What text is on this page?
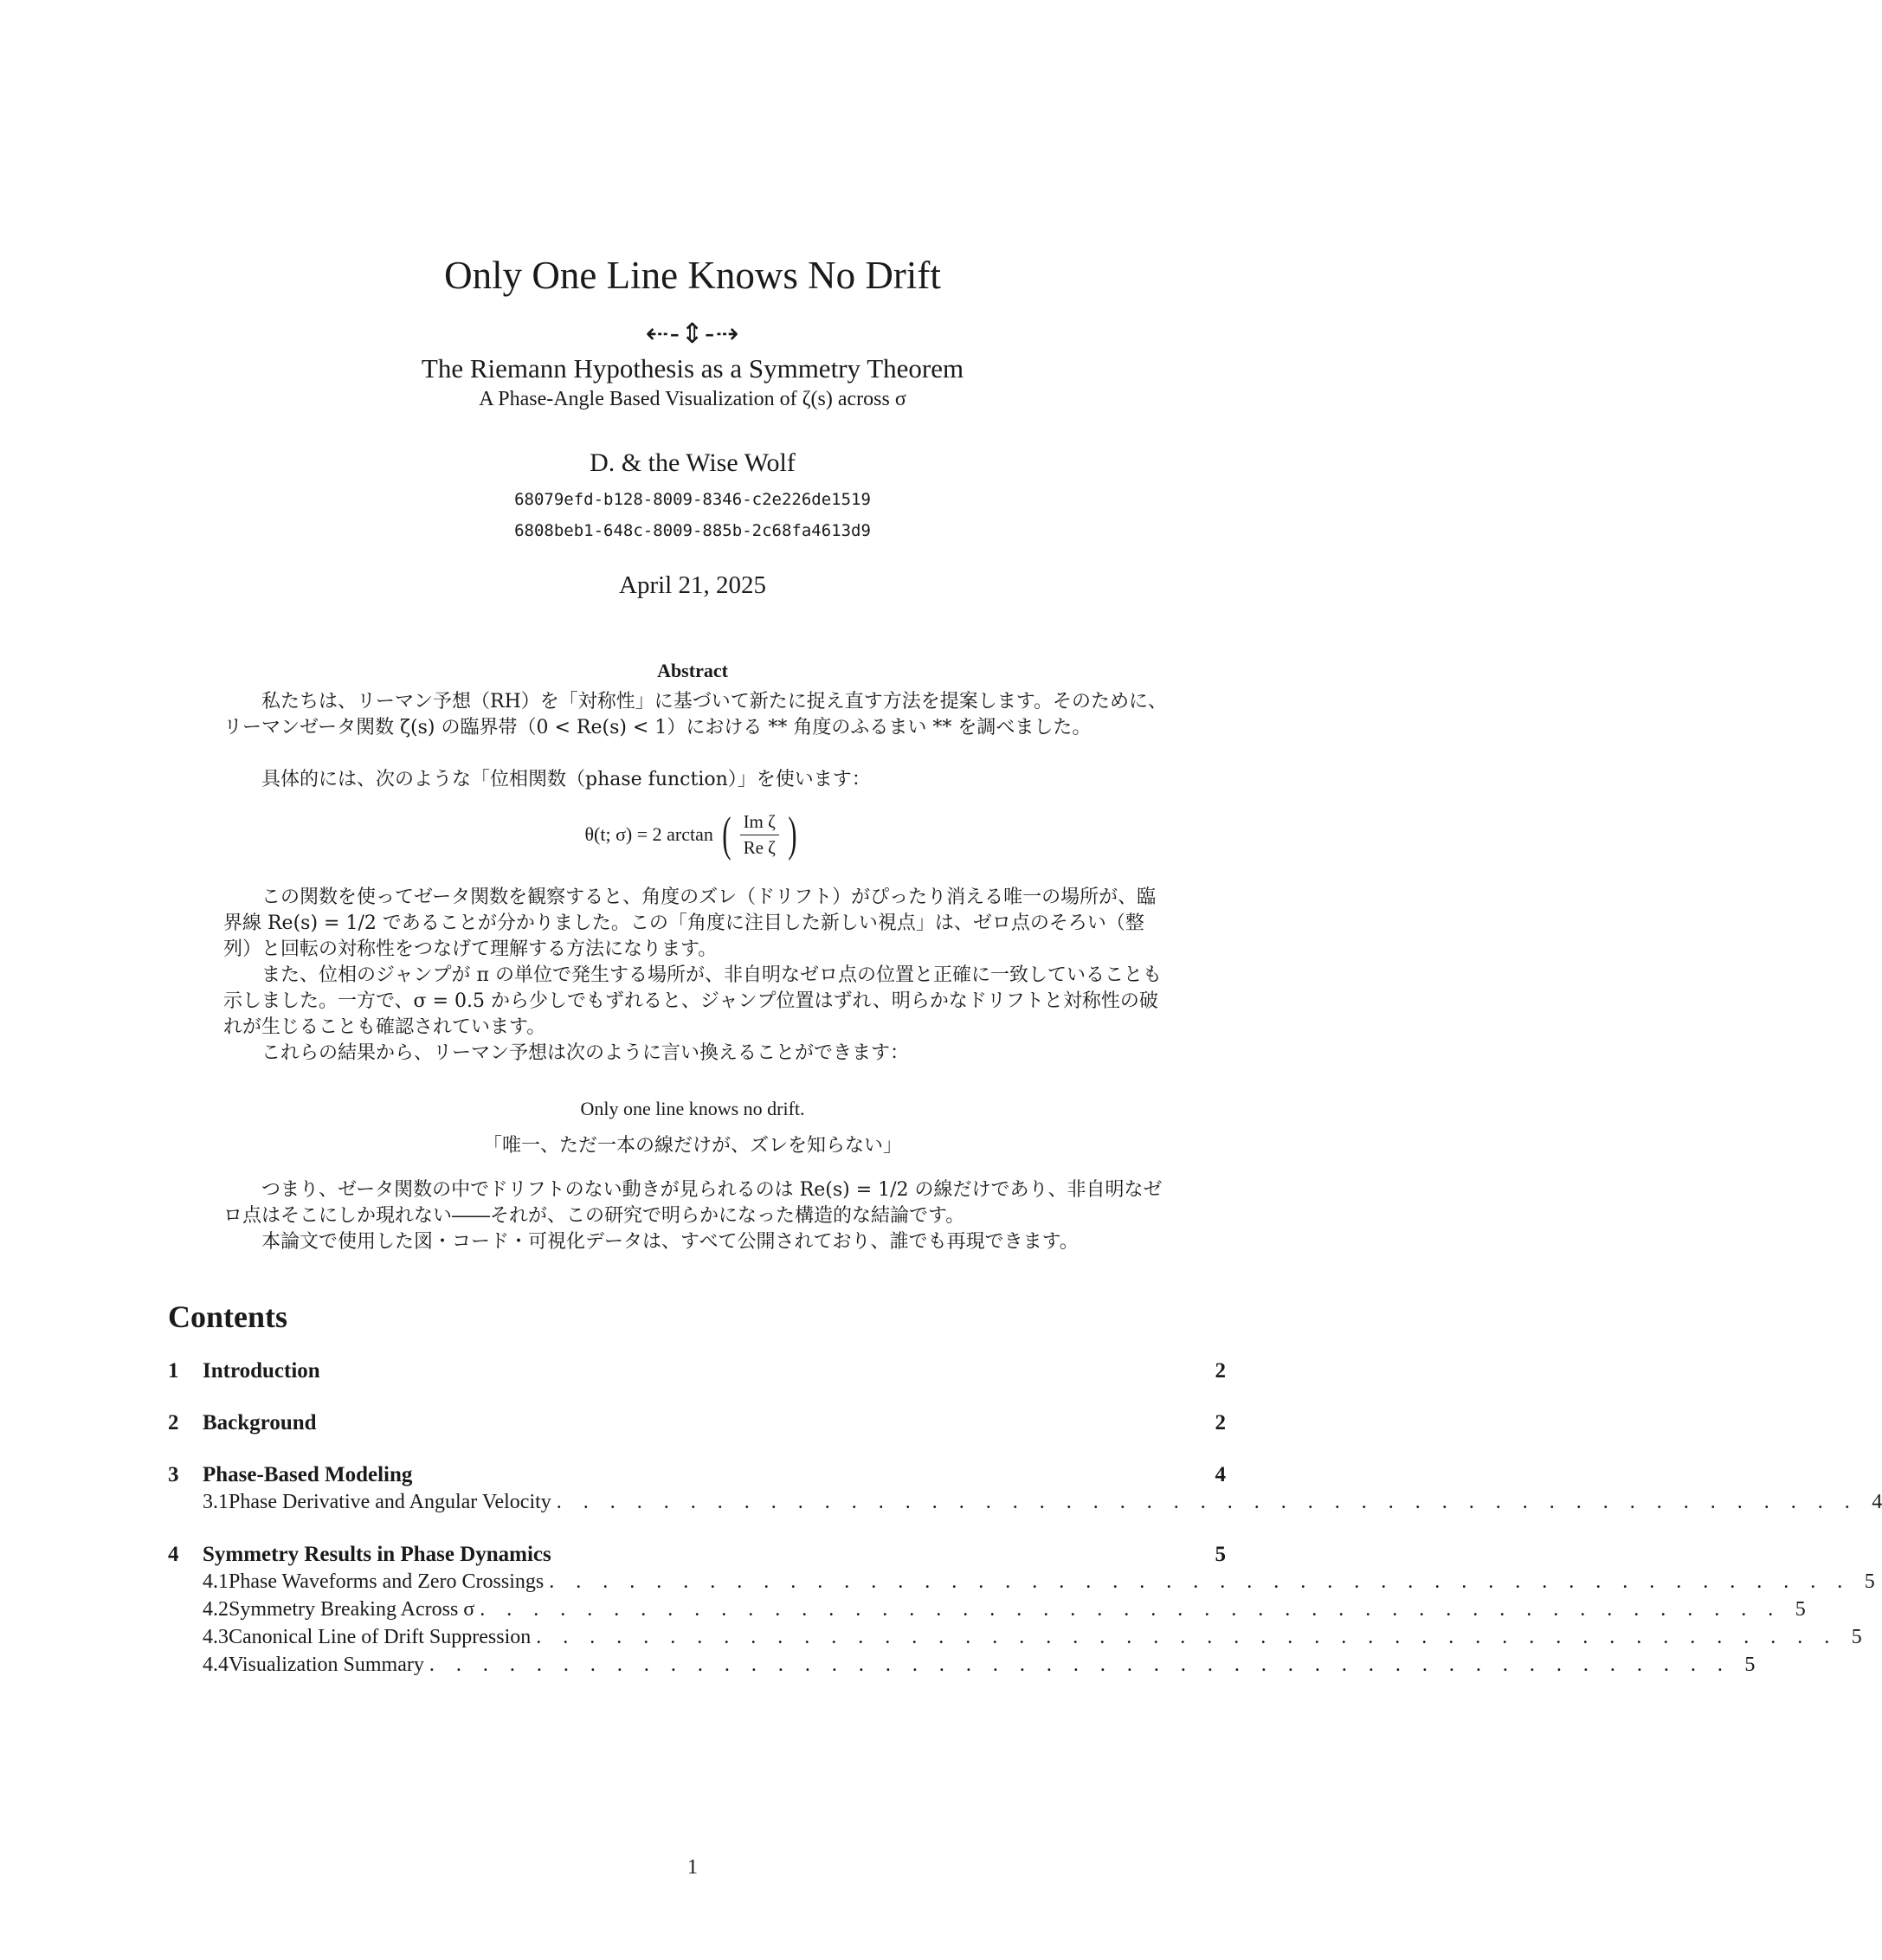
Only One Line Knows No Drift
⇠-⇕-⇢
The Riemann Hypothesis as a Symmetry Theorem
A Phase-Angle Based Visualization of ζ(s) across σ
D. & the Wise Wolf
68079efd-b128-8009-8346-c2e226de1519
6808beb1-648c-8009-885b-2c68fa4613d9
April 21, 2025
Abstract

私たちは、リーマン予想（RH）を「対称性」に基づいて新たに捉え直す方法を提案します。そのために、リーマンゼータ関数 ζ(s) の臨界帯（0 < Re(s) < 1）における ** 角度のふるまい ** を調べました。

具体的には、次のような「位相関数（phase function）」を使います：

θ(t; σ) = 2 arctan ( $\frac{\text{Im ζ}}{\text{Re ζ}}$ )

この関数を使ってゼータ関数を観察すると、角度のズレ（ドリフト）がぴったり消える唯一の場所が、臨界線 Re(s) = 1/2 であることが分かりました。この「角度に注目した新しい視点」は、ゼロ点のそろい（整列）と回転の対称性をつなげて理解する方法になります。

また、位相のジャンプが π の単位で発生する場所が、非自明なゼロ点の位置と正確に一致していることも示しました。一方で、σ = 0.5 から少しでもずれると、ジャンプ位置はずれ、明らかなドリフトと対称性の破れが生じることも確認されています。

これらの結果から、リーマン予想は次のように言い換えることができます：

Only one line knows no drift.
「唯一、ただ一本の線だけが、ズレを知らない」

つまり、ゼータ関数の中でドリフトのない動きが見られるのは Re(s) = 1/2 の線だけであり、非自明なゼロ点はそこにしか現れない――それが、この研究で明らかになった構造的な結論です。

本論文で使用した図・コード・可視化データは、すべて公開されており、誰でも再現できます。

Contents
1	Introduction	2
2	Background	2
3	Phase-Based Modeling	4
3.1 Phase Derivative and Angular Velocity . . . . . . . . . . . . . . . . . . . . . . . . . . . . . . . . . . . . . . . . . . . . . . . . . 4
4	Symmetry Results in Phase Dynamics	5
4.1 Phase Waveforms and Zero Crossings . . . . . . . . . . . . . . . . . . . . . . . . . . . . . . . . . . . . . . . . . . . . . . . . . 5
4.2 Symmetry Breaking Across σ . . . . . . . . . . . . . . . . . . . . . . . . . . . . . . . . . . . . . . . . . . . . . . . . . 5
4.3 Canonical Line of Drift Suppression . . . . . . . . . . . . . . . . . . . . . . . . . . . . . . . . . . . . . . . . . . . . . . . . . 5
4.4 Visualization Summary . . . . . . . . . . . . . . . . . . . . . . . . . . . . . . . . . . . . . . . . . . . . . . . . . 5
1
